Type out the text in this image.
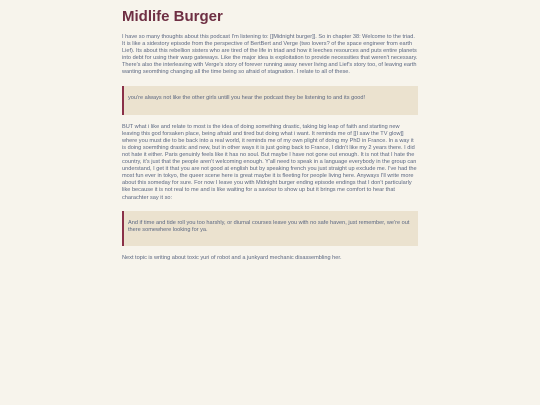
Midlife Burger

I have so many thoughts about this podcast I'm listening to: [[Midnight burger]]. So in chapter 38: Welcome to the triad. It is like a sidestory episode from the perspective of BertBert and Verge (two lovers? of the space engineer from earth Lief). Its about this rebellion sisters who are tired of the life in triad and how it leeches resources and puts entire planets into debt for using their warp gateways. Like the major idea is exploitation to provide necessities that weren't necessary. There's also the interleaving with Verge's story of forever running away never living and Lief's story too, of leaving earth wanting seomthing changing all the time being so afraid of stagnation. I relate to all of these.

you're always not like the other girls untill you hear the podcast they be listening to and its good!

BUT what i like and relate to most is the idea of doing something drastic, taking big leap of faith and starting new leaving this god forsaken place, being afraid and tired but doing what i want. It reminds me of [[I saw the TV glow]] where you must die to be back into a real world, it reminds me of my own plight of doing my PhD in France. In a way it is doing soemthing drastic and new, but in other ways it is just going back to France, I didn't like my 2 years there. I did not hate it either. Paris genuinly feels like it has no soul. But maybe I have not gone out enough. It is not that I hate the country, it's just that the people aren't welcoming enough. Y'all need to speak in a language everybody in the group can understand, I get it that you are not good at english but by speaking french you just straight up exclude me. I've had the most fun ever in tokyo, the queer scene here is great maybe it is fleeting for people living here. Anyways I'll write more about this someday for sure. For now I leave you with Midnight burger ending episode endings that I don't particularly like because it is not real to me and is like waiting for a saviour to show up but it brings me comfort to hear that charachter say it so:

And if time and tide roll you too harshly, or diurnal courses leave you with no safe haven, just remember, we're out there somewhere looking for ya.

Next topic is writing about toxic yuri of robot and a junkyard mechanic disassembling her.
